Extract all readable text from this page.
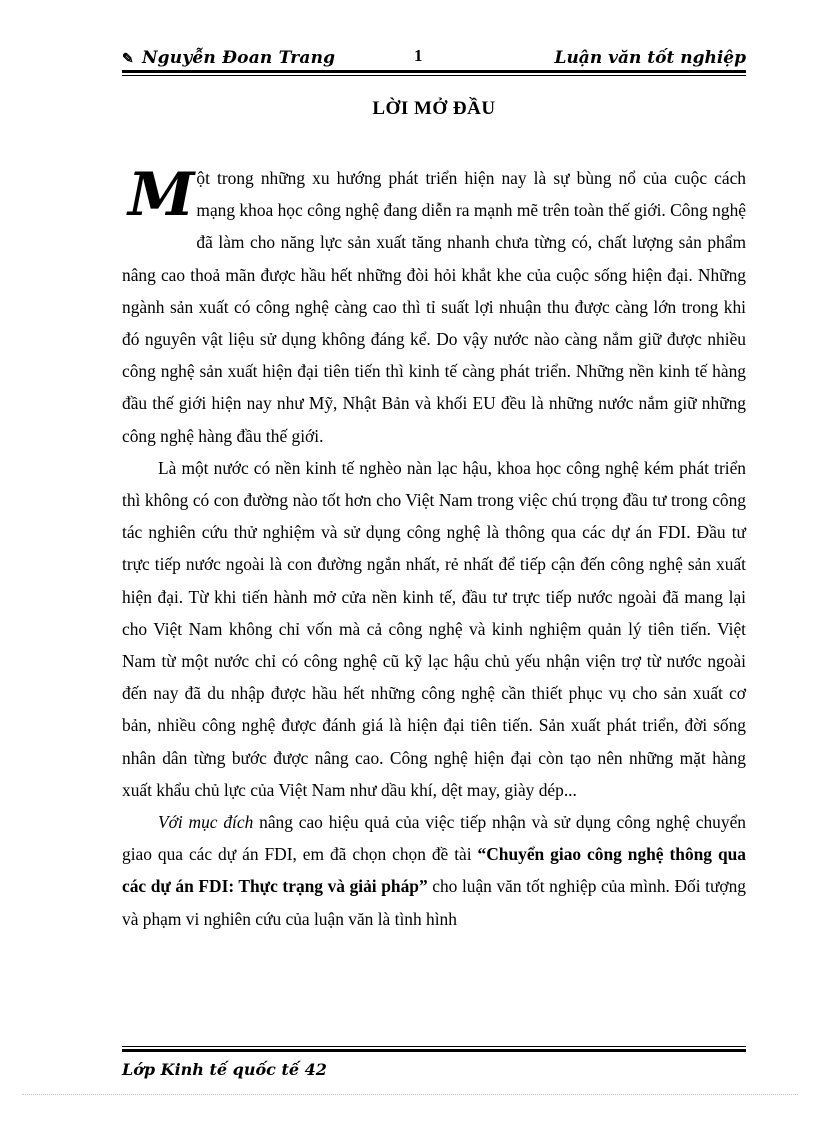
✎ Nguyễn Đoan Trang	1	Luận văn tốt nghiệp
LỜI MỞ ĐẦU

Một trong những xu hướng phát triển hiện nay là sự bùng nổ của cuộc cách mạng khoa học công nghệ đang diễn ra mạnh mẽ trên toàn thế giới. Công nghệ đã làm cho năng lực sản xuất tăng nhanh chưa từng có, chất lượng sản phẩm nâng cao thoả mãn được hầu hết những đòi hỏi khắt khe của cuộc sống hiện đại. Những ngành sản xuất có công nghệ càng cao thì tỉ suất lợi nhuận thu được càng lớn trong khi đó nguyên vật liệu sử dụng không đáng kể. Do vậy nước nào càng nắm giữ được nhiều công nghệ sản xuất hiện đại tiên tiến thì kinh tế càng phát triển. Những nền kinh tế hàng đầu thế giới hiện nay như Mỹ, Nhật Bản và khối EU đều là những nước nắm giữ những công nghệ hàng đầu thế giới.

Là một nước có nền kinh tế nghèo nàn lạc hậu, khoa học công nghệ kém phát triển thì không có con đường nào tốt hơn cho Việt Nam trong việc chú trọng đầu tư trong công tác nghiên cứu thử nghiệm và sử dụng công nghệ là thông qua các dự án FDI. Đầu tư trực tiếp nước ngoài là con đường ngắn nhất, rẻ nhất để tiếp cận đến công nghệ sản xuất hiện đại. Từ khi tiến hành mở cửa nền kinh tế, đầu tư trực tiếp nước ngoài đã mang lại cho Việt Nam không chỉ vốn mà cả công nghệ và kinh nghiệm quản lý tiên tiến. Việt Nam từ một nước chỉ có công nghệ cũ kỹ lạc hậu chủ yếu nhận viện trợ từ nước ngoài đến nay đã du nhập được hầu hết những công nghệ cần thiết phục vụ cho sản xuất cơ bản, nhiều công nghệ được đánh giá là hiện đại tiên tiến. Sản xuất phát triển, đời sống nhân dân từng bước được nâng cao. Công nghệ hiện đại còn tạo nên những mặt hàng xuất khẩu chủ lực của Việt Nam như dầu khí, dệt may, giày dép...

Với mục đích nâng cao hiệu quả của việc tiếp nhận và sử dụng công nghệ chuyển giao qua các dự án FDI, em đã chọn chọn đề tài “Chuyển giao công nghệ thông qua các dự án FDI: Thực trạng và giải pháp” cho luận văn tốt nghiệp của mình. Đối tượng và phạm vi nghiên cứu của luận văn là tình hình

Lớp Kinh tế quốc tế 42
